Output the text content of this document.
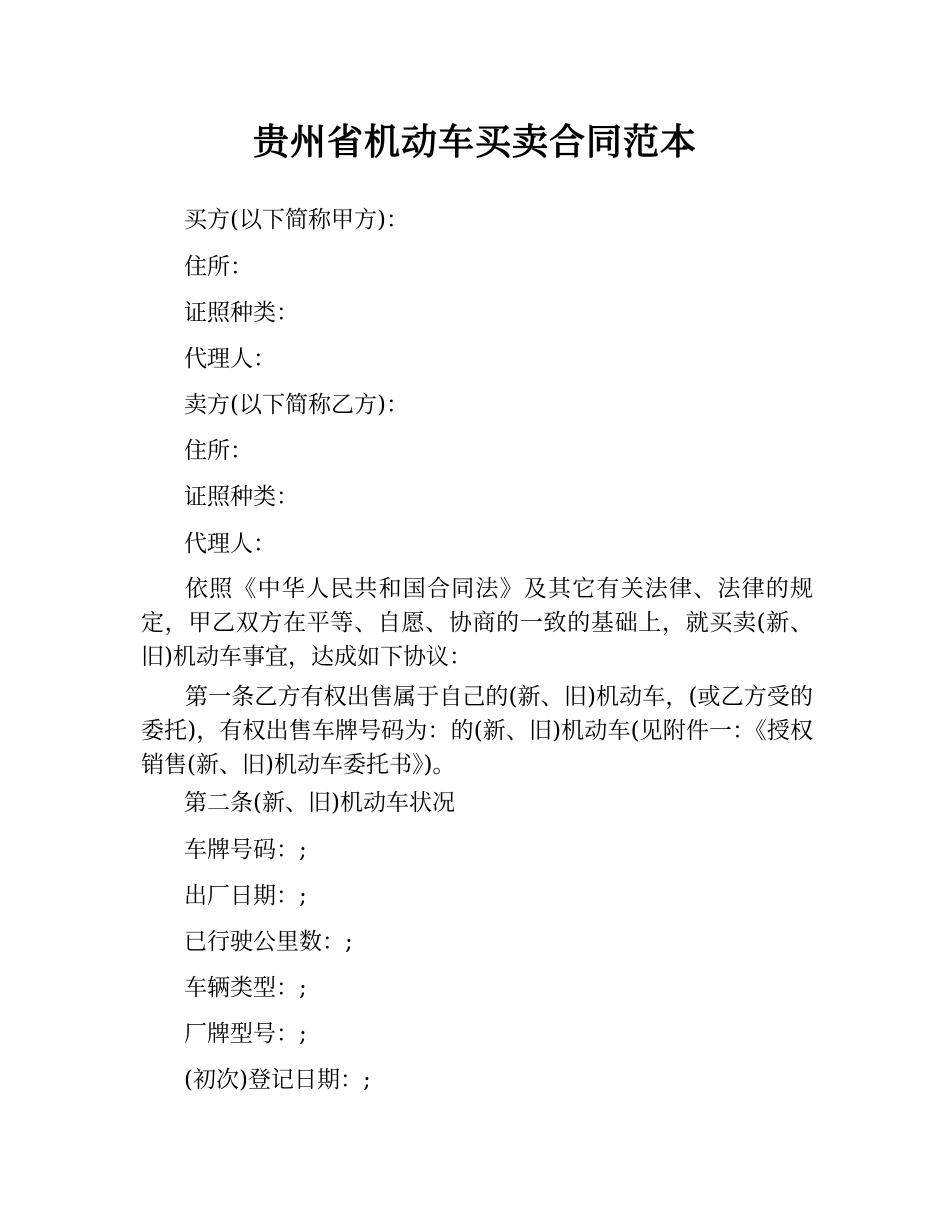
贵州省机动车买卖合同范本
买方(以下简称甲方)：
住所：
证照种类：
代理人：
卖方(以下简称乙方)：
住所：
证照种类：
代理人：
依照《中华人民共和国合同法》及其它有关法律、法律的规定，甲乙双方在平等、自愿、协商的一致的基础上，就买卖(新、旧)机动车事宜，达成如下协议：
第一条乙方有权出售属于自己的(新、旧)机动车，(或乙方受的委托)，有权出售车牌号码为：的(新、旧)机动车(见附件一：《授权销售(新、旧)机动车委托书》)。
第二条(新、旧)机动车状况
车牌号码：;
出厂日期：;
已行驶公里数：;
车辆类型：;
厂牌型号：;
(初次)登记日期：;
